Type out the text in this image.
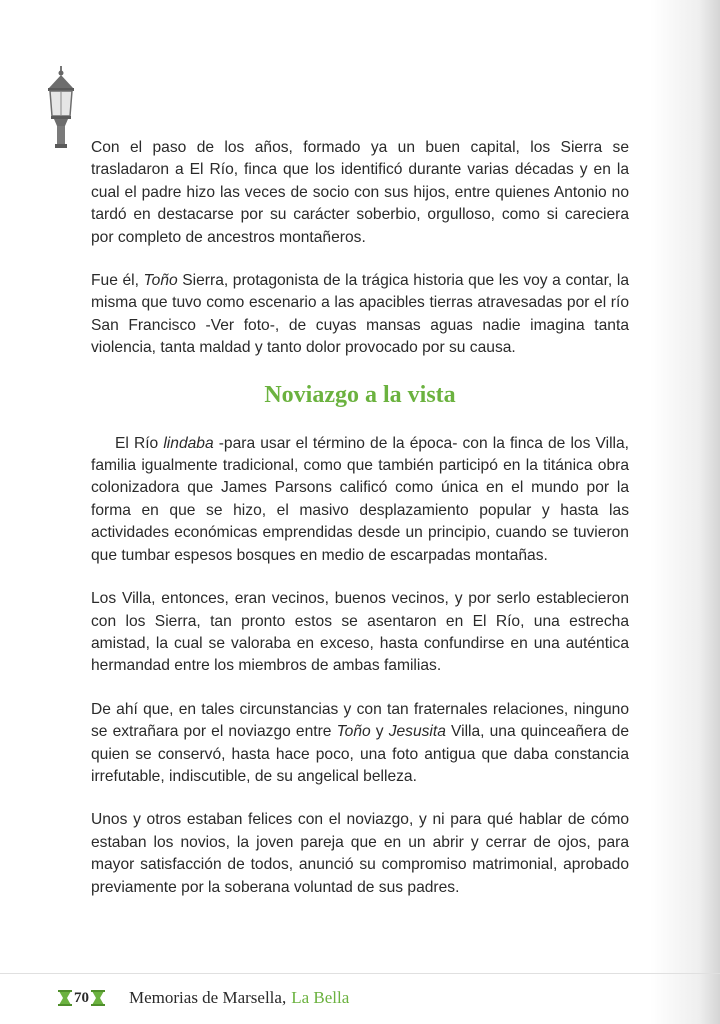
Con el paso de los años, formado ya un buen capital, los Sierra se trasladaron a El Río, finca que los identificó durante varias décadas y en la cual el padre hizo las veces de socio con sus hijos, entre quienes Antonio no tardó en destacarse por su carácter soberbio, orgulloso, como si careciera por completo de ancestros montañeros.

Fue él, Toño Sierra, protagonista de la trágica historia que les voy a contar, la misma que tuvo como escenario a las apacibles tierras atravesadas por el río San Francisco -Ver foto-, de cuyas mansas aguas nadie imagina tanta violencia, tanta maldad y tanto dolor provocado por su causa.

Noviazgo a la vista

El Río lindaba -para usar el término de la época- con la finca de los Villa, familia igualmente tradicional, como que también participó en la titánica obra colonizadora que James Parsons calificó como única en el mundo por la forma en que se hizo, el masivo desplazamiento popular y hasta las actividades económicas emprendidas desde un principio, cuando se tuvieron que tumbar espesos bosques en medio de escarpadas montañas.

Los Villa, entonces, eran vecinos, buenos vecinos, y por serlo establecieron con los Sierra, tan pronto estos se asentaron en El Río, una estrecha amistad, la cual se valoraba en exceso, hasta confundirse en una auténtica hermandad entre los miembros de ambas familias.

De ahí que, en tales circunstancias y con tan fraternales relaciones, ninguno se extrañara por el noviazgo entre Toño y Jesusita Villa, una quinceañera de quien se conservó, hasta hace poco, una foto antigua que daba constancia irrefutable, indiscutible, de su angelical belleza.

Unos y otros estaban felices con el noviazgo, y ni para qué hablar de cómo estaban los novios, la joven pareja que en un abrir y cerrar de ojos, para mayor satisfacción de todos, anunció su compromiso matrimonial, aprobado previamente por la soberana voluntad de sus padres.

70 Memorias de Marsella, La Bella
